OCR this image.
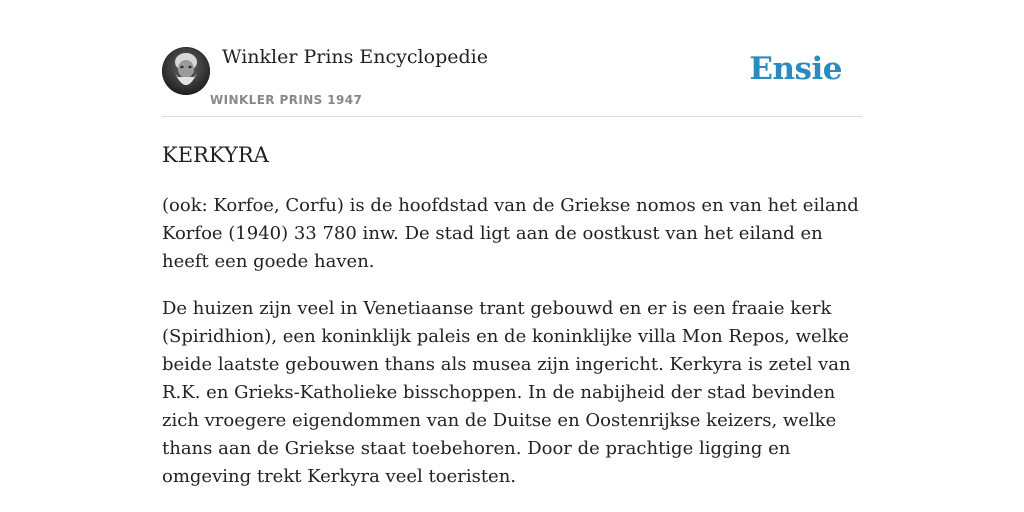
Winkler Prins Encyclopedie
WINKLER PRINS 1947
Ensie
KERKYRA

(ook: Korfoe, Corfu) is de hoofdstad van de Griekse nomos en van het eiland Korfoe (1940) 33 780 inw. De stad ligt aan de oostkust van het eiland en heeft een goede haven.

De huizen zijn veel in Venetiaanse trant gebouwd en er is een fraaie kerk (Spiridhion), een koninklijk paleis en de koninklijke villa Mon Repos, welke beide laatste gebouwen thans als musea zijn ingericht. Kerkyra is zetel van R.K. en Grieks-Katholieke bisschoppen. In de nabijheid der stad bevinden zich vroegere eigendommen van de Duitse en Oostenrijkse keizers, welke thans aan de Griekse staat toebehoren. Door de prachtige ligging en omgeving trekt Kerkyra veel toeristen.
